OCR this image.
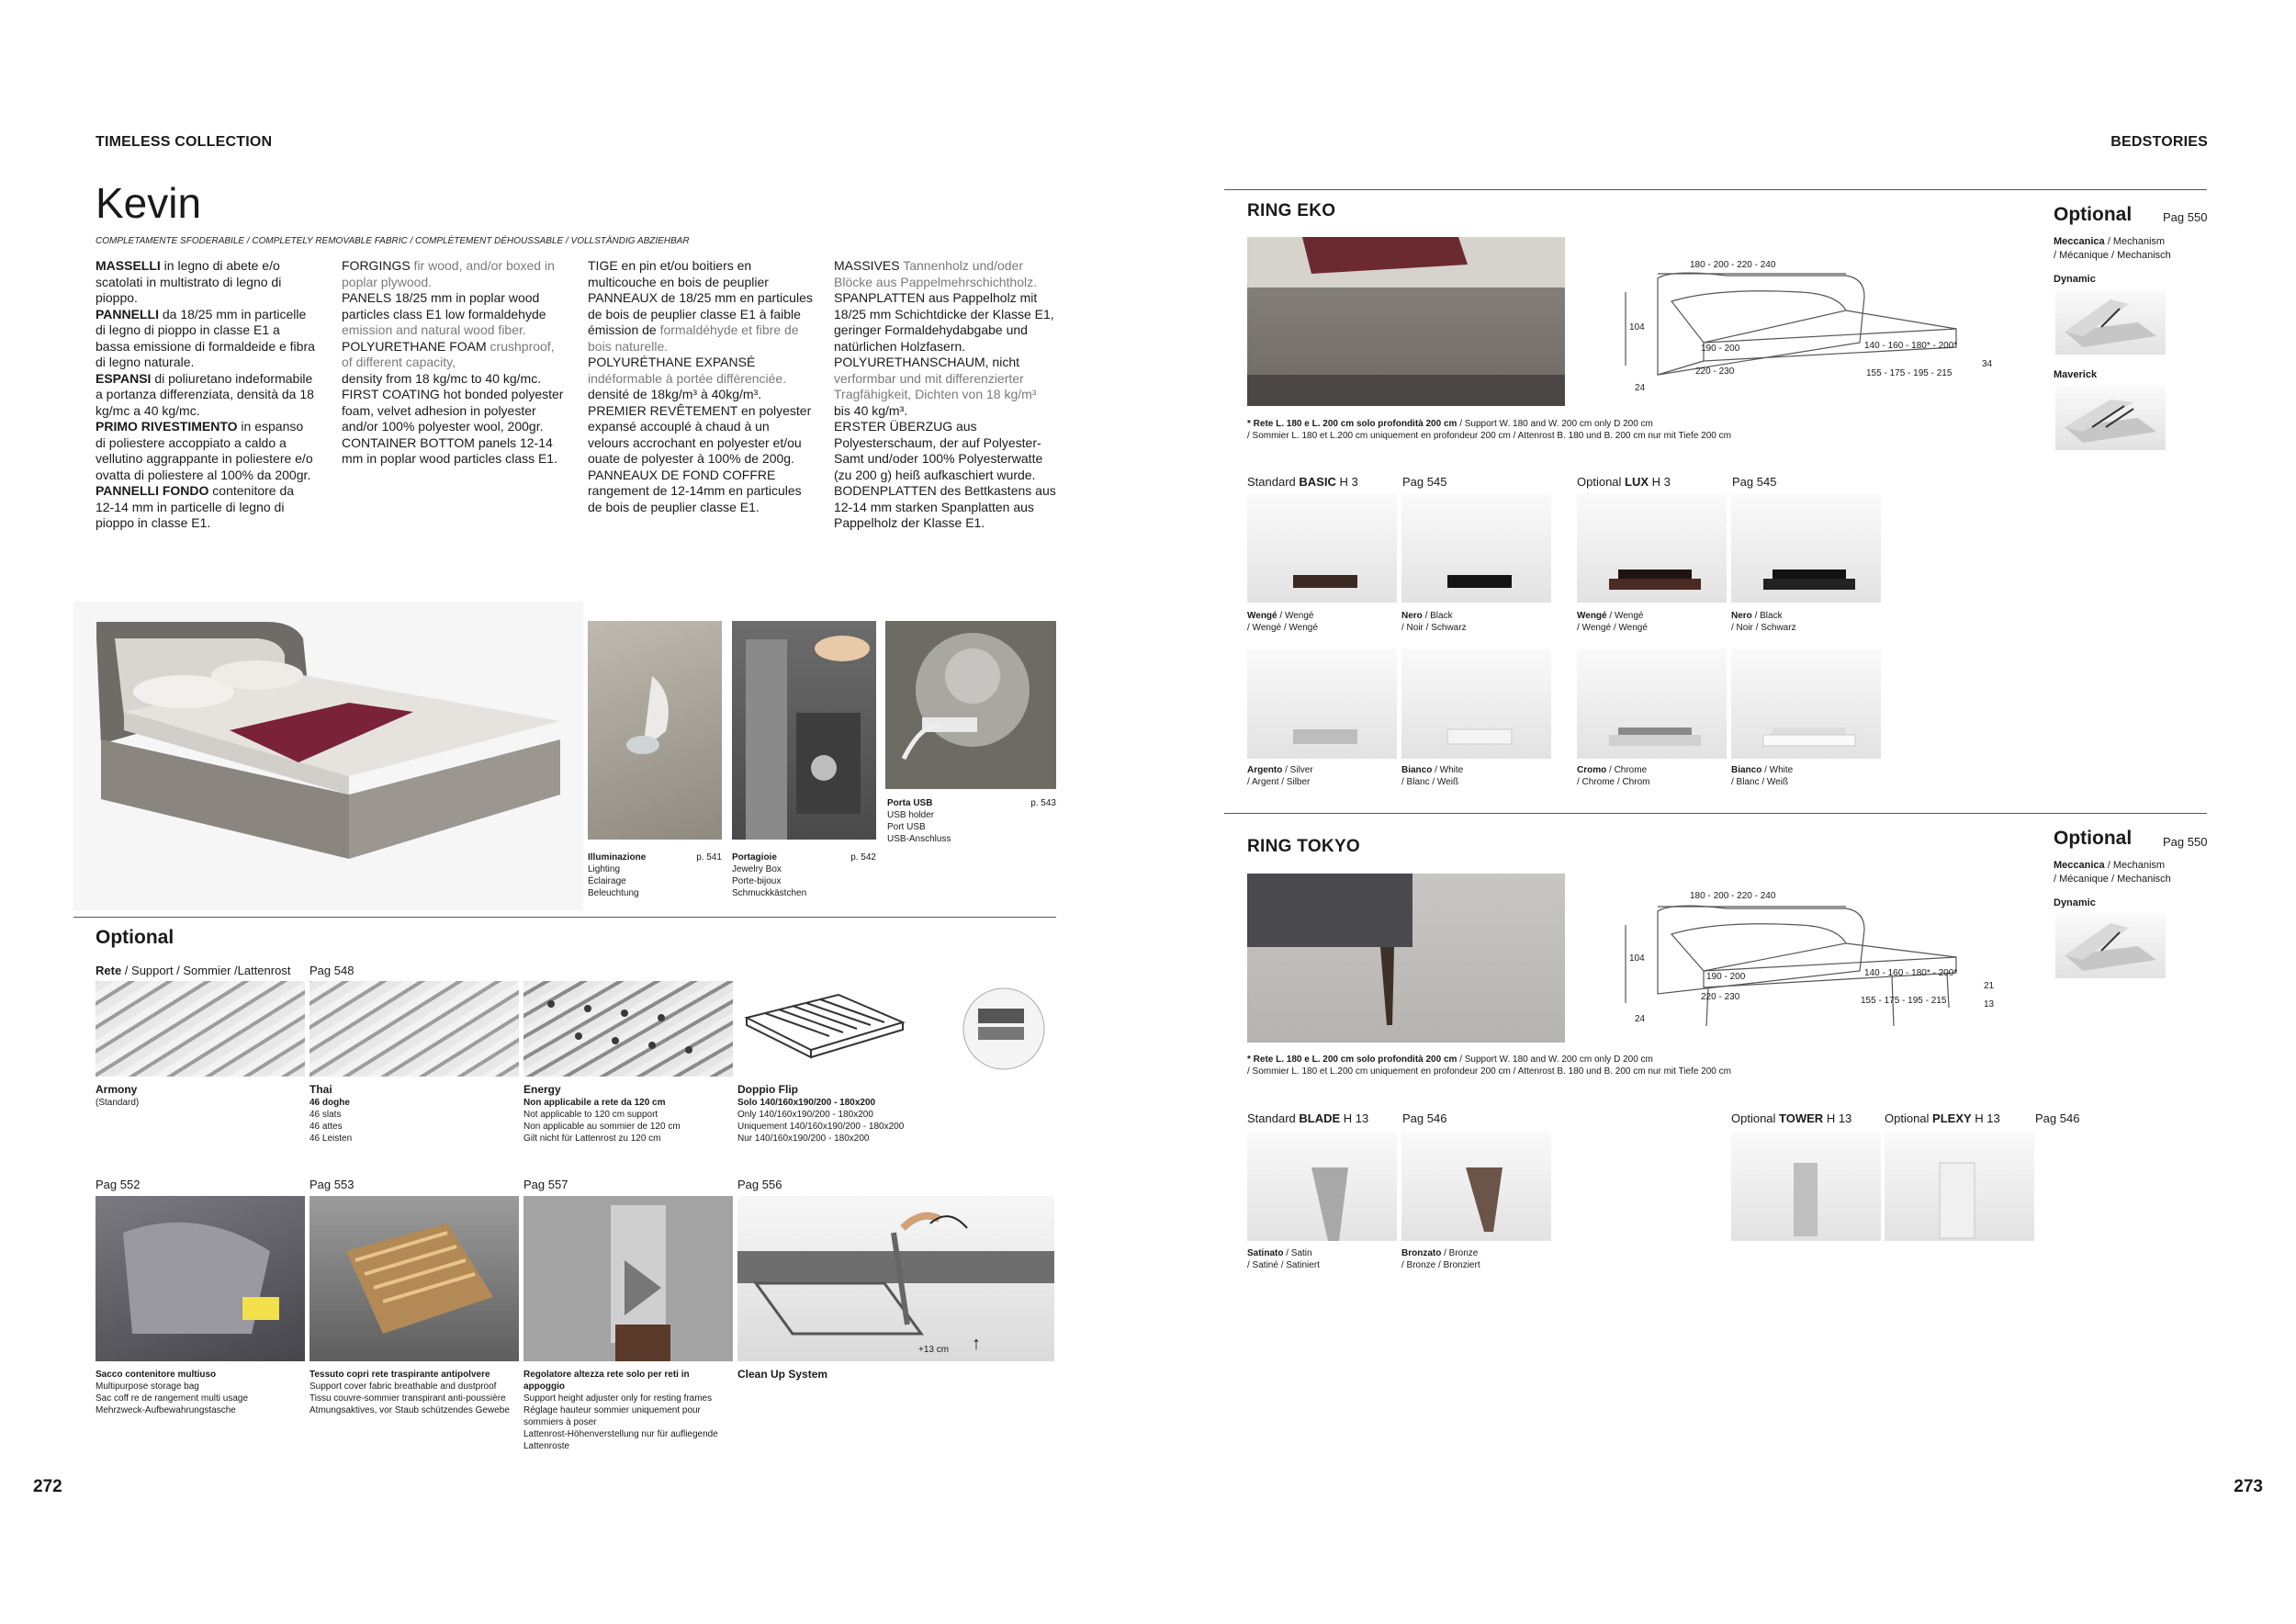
TIMELESS COLLECTION	BEDSTORIES
Kevin
COMPLETAMENTE SFODERABILE / COMPLETELY REMOVABLE FABRIC / COMPLÈTEMENT DÉHOUSSABLE / VOLLSTÄNDIG ABZIEHBAR
MASSELLI in legno di abete e/o scatolati in multistrato di legno di pioppo.
PANNELLI da 18/25 mm in particelle di legno di pioppo in classe E1 a bassa emissione di formaldeide e fibra di legno naturale.
ESPANSI di poliuretano indeformabile a portanza differenziata, densità da 18 kg/mc a 40 kg/mc.
PRIMO RIVESTIMENTO in espanso di poliestere accoppiato a caldo a vellutino aggrappante in poliestere e/o ovatta di poliestere al 100% da 200gr.
PANNELLI FONDO contenitore da 12-14 mm in particelle di legno di pioppo in classe E1.
FORGINGS fir wood, and/or boxed in poplar plywood.
PANELS 18/25 mm in poplar wood particles class E1 low formaldehyde emission and natural wood fiber.
POLYURETHANE FOAM crushproof, of different capacity,
density from 18 kg/mc to 40 kg/mc.
FIRST COATING hot bonded polyester foam, velvet adhesion in polyester and/or 100% polyester wool, 200gr.
CONTAINER BOTTOM panels 12-14 mm in poplar wood particles class E1.
TIGE en pin et/ou boitiers en multicouche en bois de peuplier
PANNEAUX de 18/25 mm en particules de bois de peuplier classe E1 à faible émission de formaldéhyde et fibre de bois naturelle.
POLYURÉTHANE EXPANSÉ indéformable à portée différenciée.
densité de 18kg/m³ à 40kg/m³.
PREMIER REVÊTEMENT en polyester expansé accouplé à chaud à un velours accrochant en polyester et/ou ouate de polyester à 100% de 200g.
PANNEAUX DE FOND COFFRE rangement de 12-14mm en particules de bois de peuplier classe E1.
MASSIVES Tannenholz und/oder Blöcke aus Pappelmehrschichtholz.
SPANPLATTEN aus Pappelholz mit 18/25 mm Schichtdicke der Klasse E1, geringer Formaldehydabgabe und natürlichen Holzfasern.
POLYURETHANSCHAUM, nicht verformbar und mit differenzierter Tragfähigkeit, Dichten von 18 kg/m³
bis 40 kg/m³.
ERSTER ÜBERZUG aus Polyesterschaum, der auf Polyester-Samt und/oder 100% Polyesterwatte (zu 200 g) heiß aufkaschiert wurde.
BODENPLATTEN des Bettkastens aus 12-14 mm starken Spanplatten aus Pappelholz der Klasse E1.
Illuminazione	p. 541

Lighting
Éclairage
Beleuchtung
Portagioie	p. 542

Jewelry Box
Porte-bijoux
Schmuckkästchen
Porta USB	p. 543

USB holder
Port USB
USB-Anschluss
Optional
Rete / Support / Sommier /Lattenrost Pag 548
Armony
(Standard)
Thai
46 doghe
46 slats
46 attes
46 Leisten
Energy
Non applicabile a rete da 120 cm
Not applicable to 120 cm support
Non applicable au sommier de 120 cm
Gilt nicht für Lattenrost zu 120 cm
Doppio Flip
Solo 140/160x190/200 - 180x200
Only 140/160x190/200 - 180x200
Uniquement 140/160x190/200 - 180x200
Nur 140/160x190/200 - 180x200
Pag 552	Pag 553	Pag 557	Pag 556
+13 cm ↑
Sacco contenitore multiuso
Multipurpose storage bag
Sac coff re de rangement multi usage
Mehrzweck-Aufbewahrungstasche
Tessuto copri rete traspirante antipolvere
Support cover fabric breathable and dustproof
Tissu couvre-sommier transpirant anti-poussière
Atmungsaktives, vor Staub schützendes Gewebe
Regolatore altezza rete solo per reti in appoggio
Support height adjuster only for resting frames
Réglage hauteur sommier uniquement pour sommiers à poser
Lattenrost-Höhenverstellung nur für aufliegende Lattenroste
Clean Up System
272
RING EKO
180 - 200 - 220 - 240
104
190 - 200	140 - 160 - 180* - 200*
220 - 230	155 - 175 - 195 - 215
34
24
Optional	Pag 550
Meccanica / Mechanism
/ Mécanique / Mechanisch
Dynamic
Maverick
* Rete L. 180 e L. 200 cm solo profondità 200 cm / Support W. 180 and W. 200 cm only D 200 cm
/ Sommier L. 180 et L.200 cm uniquement en profondeur 200 cm / Attenrost B. 180 und B. 200 cm nur mit Tiefe 200 cm
Standard BASIC H 3	Pag 545	Optional LUX H 3	Pag 545
Wengé / Wengé
/ Wengé / Wengé
Nero / Black
/ Noir / Schwarz
Wengé / Wengé
/ Wengé / Wengé
Nero / Black
/ Noir / Schwarz
Argento / Silver
/ Argent / Silber
Bianco / White
/ Blanc / Weiß
Cromo / Chrome
/ Chrome / Chrom
Bianco / White
/ Blanc / Weiß
RING TOKYO
180 - 200 - 220 - 240
104
190 - 200	140 - 160 - 180* - 200*
220 - 230	155 - 175 - 195 - 215
21
13
24
Optional	Pag 550
Meccanica / Mechanism
/ Mécanique / Mechanisch
Dynamic
* Rete L. 180 e L. 200 cm solo profondità 200 cm / Support W. 180 and W. 200 cm only D 200 cm
/ Sommier L. 180 et L.200 cm uniquement en profondeur 200 cm / Attenrost B. 180 und B. 200 cm nur mit Tiefe 200 cm
Standard BLADE H 13	Pag 546	Optional TOWER H 13	Optional PLEXY H 13	Pag 546
Satinato / Satin
/ Satiné / Satiniert
Bronzato / Bronze
/ Bronze / Bronziert
273
